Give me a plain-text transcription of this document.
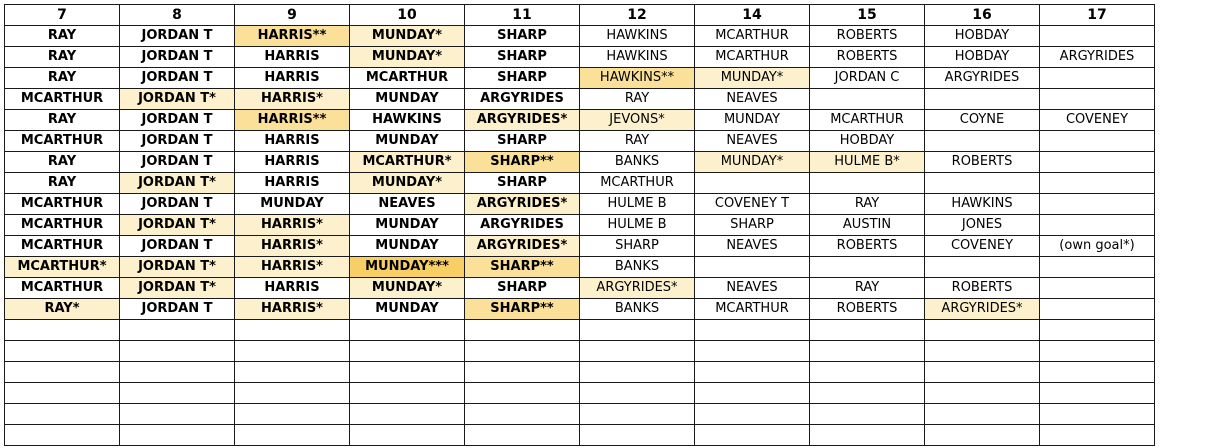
7	8	9	10	11	12	14	15	16	17
RAY	JORDAN T	HARRIS**	MUNDAY*	SHARP	HAWKINS	MCARTHUR	ROBERTS	HOBDAY	
RAY	JORDAN T	HARRIS	MUNDAY*	SHARP	HAWKINS	MCARTHUR	ROBERTS	HOBDAY	ARGYRIDES
RAY	JORDAN T	HARRIS	MCARTHUR	SHARP	HAWKINS**	MUNDAY*	JORDAN C	ARGYRIDES	
MCARTHUR	JORDAN T*	HARRIS*	MUNDAY	ARGYRIDES	RAY	NEAVES			
RAY	JORDAN T	HARRIS**	HAWKINS	ARGYRIDES*	JEVONS*	MUNDAY	MCARTHUR	COYNE	COVENEY
MCARTHUR	JORDAN T	HARRIS	MUNDAY	SHARP	RAY	NEAVES	HOBDAY		
RAY	JORDAN T	HARRIS	MCARTHUR*	SHARP**	BANKS	MUNDAY*	HULME B*	ROBERTS	
RAY	JORDAN T*	HARRIS	MUNDAY*	SHARP	MCARTHUR				
MCARTHUR	JORDAN T	MUNDAY	NEAVES	ARGYRIDES*	HULME B	COVENEY T	RAY	HAWKINS	
MCARTHUR	JORDAN T*	HARRIS*	MUNDAY	ARGYRIDES	HULME B	SHARP	AUSTIN	JONES	
MCARTHUR	JORDAN T	HARRIS*	MUNDAY	ARGYRIDES*	SHARP	NEAVES	ROBERTS	COVENEY	(own goal*)
MCARTHUR*	JORDAN T*	HARRIS*	MUNDAY***	SHARP**	BANKS				
MCARTHUR	JORDAN T*	HARRIS	MUNDAY*	SHARP	ARGYRIDES*	NEAVES	RAY	ROBERTS	
RAY*	JORDAN T	HARRIS*	MUNDAY	SHARP**	BANKS	MCARTHUR	ROBERTS	ARGYRIDES*	
